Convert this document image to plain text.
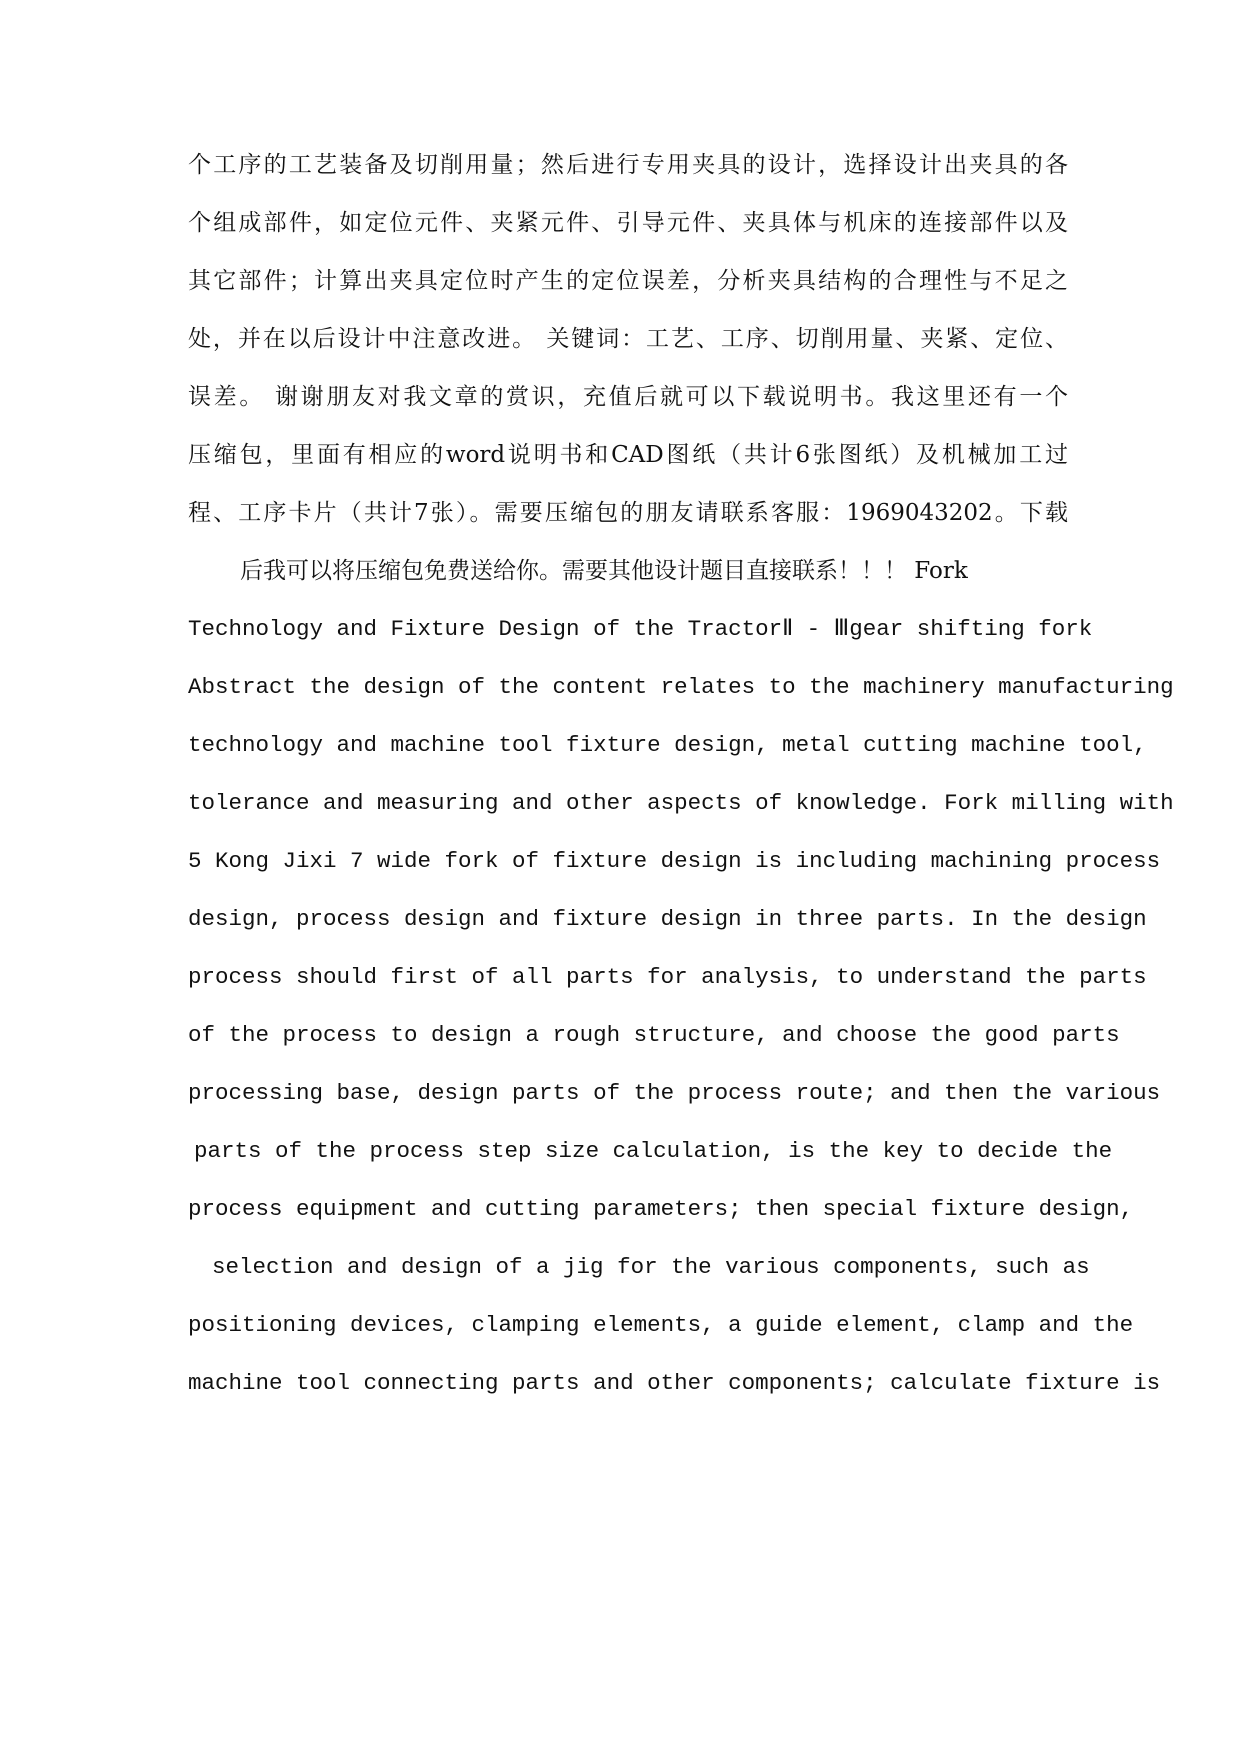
个工序的工艺装备及切削用量；然后进行专用夹具的设计，选择设计出夹具的各
个组成部件，如定位元件、夹紧元件、引导元件、夹具体与机床的连接部件以及
其它部件；计算出夹具定位时产生的定位误差，分析夹具结构的合理性与不足之
处，并在以后设计中注意改进。 关键词：工艺、工序、切削用量、夹紧、定位、
误差。 谢谢朋友对我文章的赏识，充值后就可以下载说明书。我这里还有一个
压缩包，里面有相应的word说明书和CAD图纸（共计6张图纸）及机械加工过
程、工序卡片（共计7张）。需要压缩包的朋友请联系客服：1969043202。下载
后我可以将压缩包免费送给你。需要其他设计题目直接联系！！！ Fork
Technology and Fixture Design of the TractorⅡ - Ⅲgear shifting fork
Abstract the design of the content relates to the machinery manufacturing
technology and machine tool fixture design, metal cutting machine tool,
tolerance and measuring and other aspects of knowledge. Fork milling with
5 Kong Jixi 7 wide fork of fixture design is including machining process
design, process design and fixture design in three parts. In the design
process should first of all parts for analysis, to understand the parts
of the process to design a rough structure, and choose the good parts
processing base, design parts of the process route; and then the various
parts of the process step size calculation, is the key to decide the
process equipment and cutting parameters; then special fixture design,
selection and design of a jig for the various components, such as
positioning devices, clamping elements, a guide element, clamp and the
machine tool connecting parts and other components; calculate fixture is
